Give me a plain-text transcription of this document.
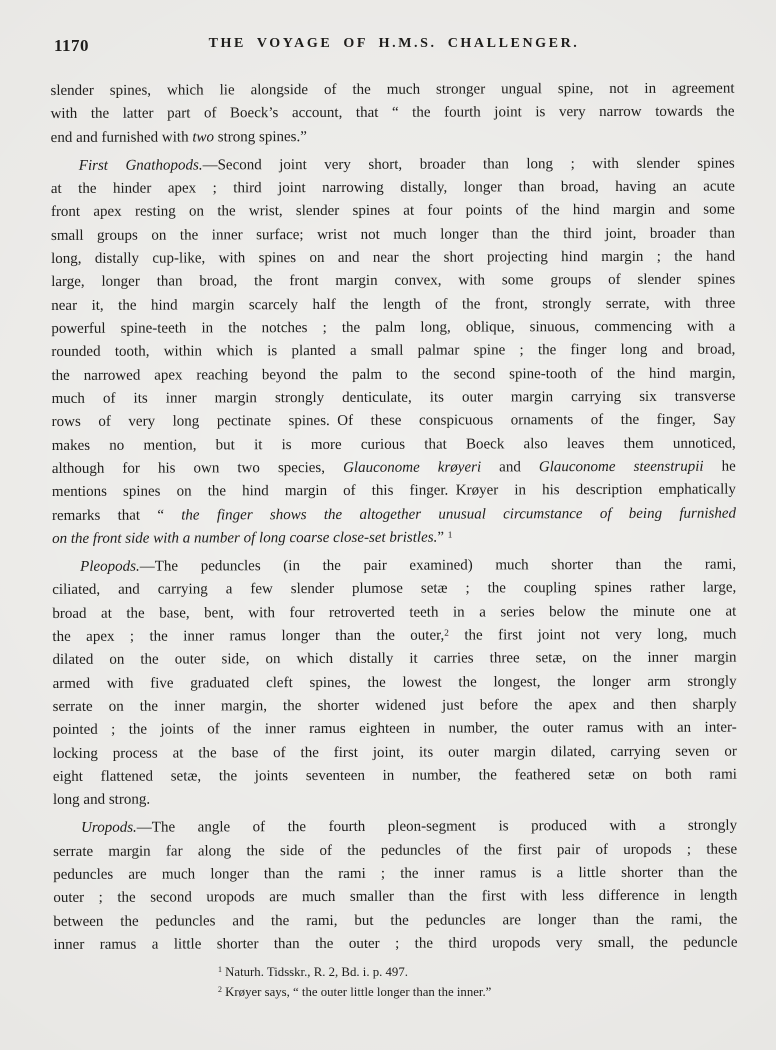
1170	THE VOYAGE OF H.M.S. CHALLENGER.
slender spines, which lie alongside of the much stronger ungual spine, not in agreement
with the latter part of Boeck’s account, that “ the fourth joint is very narrow towards the
end and furnished with two strong spines.”
First Gnathopods.—Second joint very short, broader than long ; with slender spines
at the hinder apex ; third joint narrowing distally, longer than broad, having an acute
front apex resting on the wrist, slender spines at four points of the hind margin and some
small groups on the inner surface; wrist not much longer than the third joint, broader than
long, distally cup-like, with spines on and near the short projecting hind margin ; the hand
large, longer than broad, the front margin convex, with some groups of slender spines
near it, the hind margin scarcely half the length of the front, strongly serrate, with three
powerful spine-teeth in the notches ; the palm long, oblique, sinuous, commencing with a
rounded tooth, within which is planted a small palmar spine ; the finger long and broad,
the narrowed apex reaching beyond the palm to the second spine-tooth of the hind margin,
much of its inner margin strongly denticulate, its outer margin carrying six transverse
rows of very long pectinate spines. Of these conspicuous ornaments of the finger, Say
makes no mention, but it is more curious that Boeck also leaves them unnoticed,
although for his own two species, Glauconome krøyeri and Glauconome steenstrupii he
mentions spines on the hind margin of this finger. Krøyer in his description emphatically
remarks that “ the finger shows the altogether unusual circumstance of being furnished
on the front side with a number of long coarse close-set bristles.” $^1$
Pleopods.—The peduncles (in the pair examined) much shorter than the rami,
ciliated, and carrying a few slender plumose setæ ; the coupling spines rather large,
broad at the base, bent, with four retroverted teeth in a series below the minute one at
the apex ; the inner ramus longer than the outer,$^2$ the first joint not very long, much
dilated on the outer side, on which distally it carries three setæ, on the inner margin
armed with five graduated cleft spines, the lowest the longest, the longer arm strongly
serrate on the inner margin, the shorter widened just before the apex and then sharply
pointed ; the joints of the inner ramus eighteen in number, the outer ramus with an inter-
locking process at the base of the first joint, its outer margin dilated, carrying seven or
eight flattened setæ, the joints seventeen in number, the feathered setæ on both rami
long and strong.
Uropods.—The angle of the fourth pleon-segment is produced with a strongly
serrate margin far along the side of the peduncles of the first pair of uropods ; these
peduncles are much longer than the rami ; the inner ramus is a little shorter than the
outer ; the second uropods are much smaller than the first with less difference in length
between the peduncles and the rami, but the peduncles are longer than the rami, the
inner ramus a little shorter than the outer ; the third uropods very small, the peduncle
$^1$ Naturh. Tidsskr., R. 2, Bd. i. p. 497.
$^2$ Krøyer says, “ the outer little longer than the inner.”
